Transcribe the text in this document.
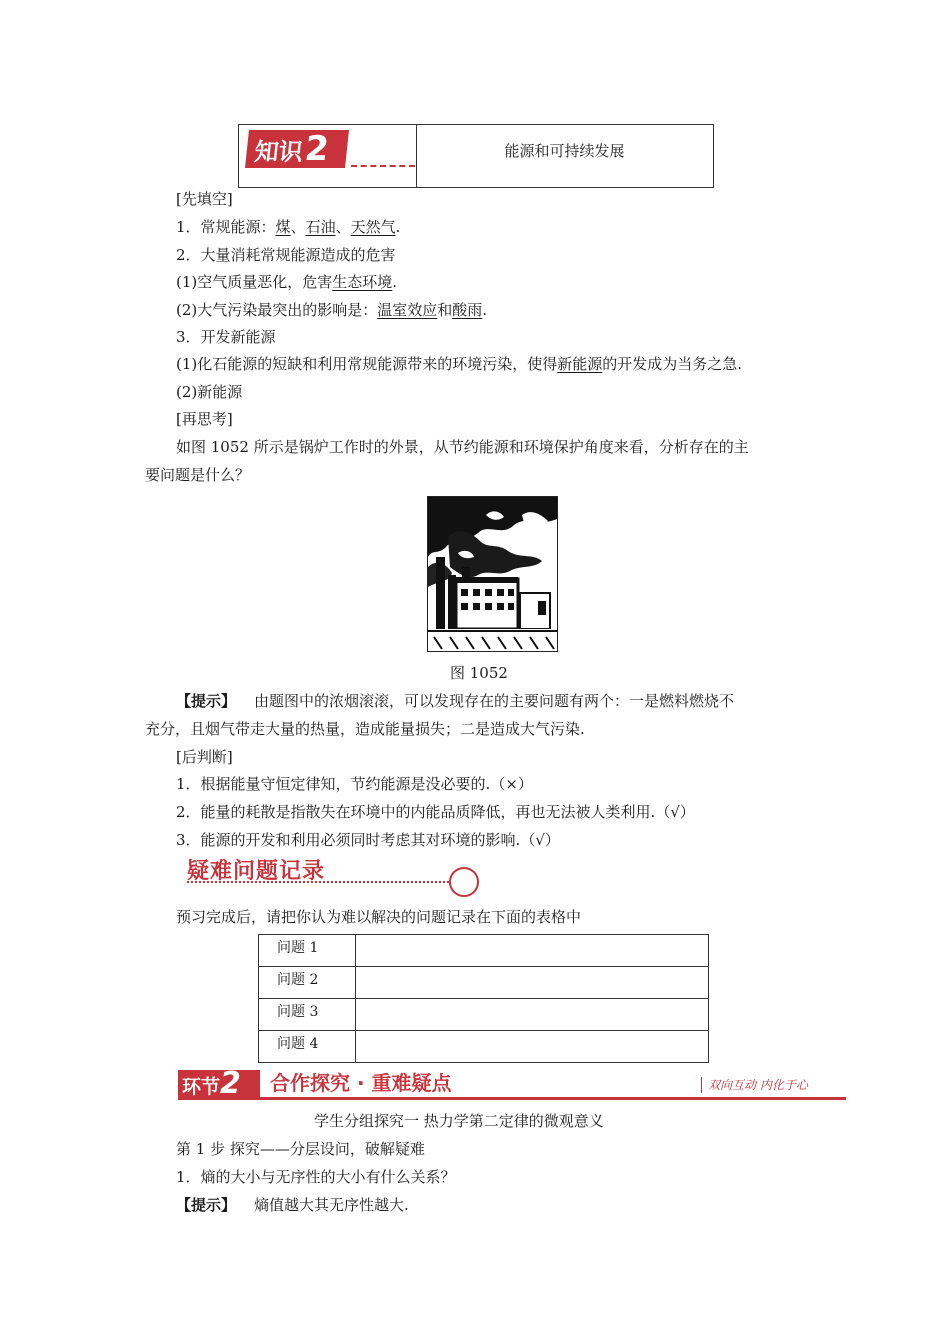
知识2	能源和可持续发展
[先填空]
1．常规能源：煤、石油、天然气.
2．大量消耗常规能源造成的危害
(1)空气质量恶化，危害生态环境.
(2)大气污染最突出的影响是：温室效应和酸雨.
3．开发新能源
(1)化石能源的短缺和利用常规能源带来的环境污染，使得新能源的开发成为当务之急.
(2)新能源
[再思考]
如图 1052 所示是锅炉工作时的外景，从节约能源和环境保护角度来看，分析存在的主
要问题是什么？
图 1052
【提示】 由题图中的浓烟滚滚，可以发现存在的主要问题有两个：一是燃料燃烧不
充分，且烟气带走大量的热量，造成能量损失；二是造成大气污染.
[后判断]
1．根据能量守恒定律知，节约能源是没必要的.（×）
2．能量的耗散是指散失在环境中的内能品质降低，再也无法被人类利用.（√）
3．能源的开发和利用必须同时考虑其对环境的影响.（√）
疑难问题记录
预习完成后，请把你认为难以解决的问题记录在下面的表格中
问题 1	
问题 2	
问题 3	
问题 4	
环节2	合作探究 · 重难疑点	双向互动 内化于心
学生分组探究一 热力学第二定律的微观意义
第 1 步 探究——分层设问，破解疑难
1．熵的大小与无序性的大小有什么关系？
【提示】 熵值越大其无序性越大.
